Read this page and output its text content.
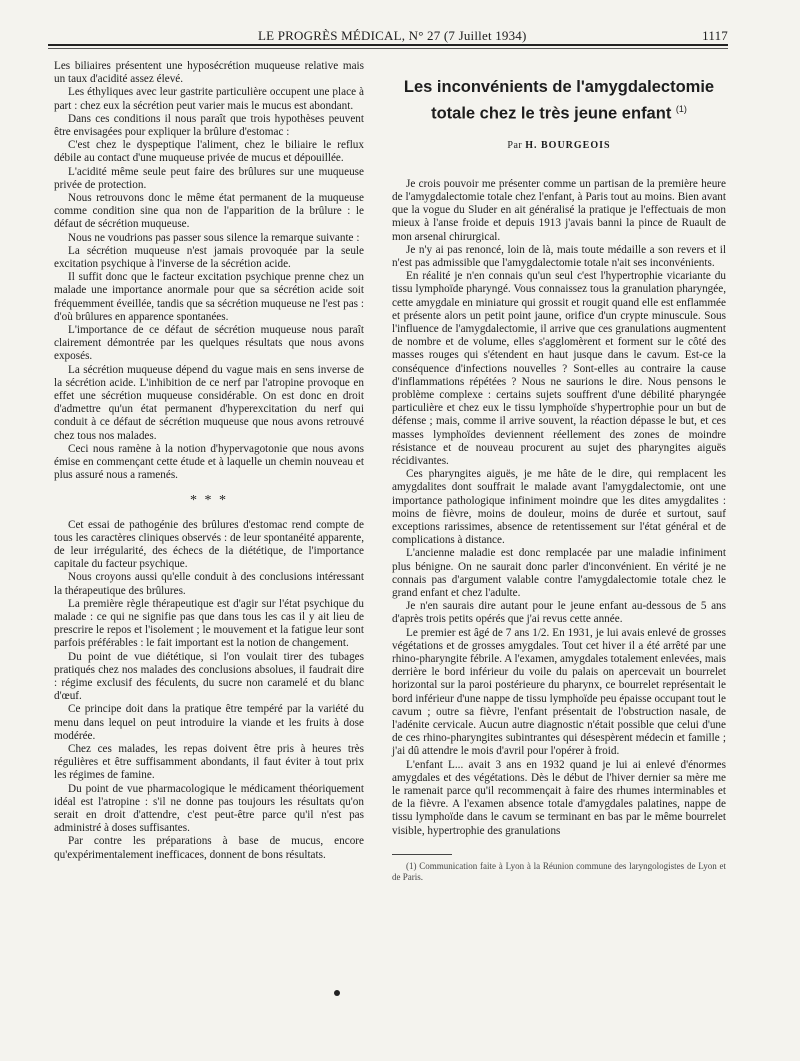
LE PROGRÈS MÉDICAL, N° 27 (7 Juillet 1934)	1117

Les biliaires présentent une hyposécrétion muqueuse relative mais un taux d'acidité assez élevé.

Les éthyliques avec leur gastrite particulière occupent une place à part : chez eux la sécrétion peut varier mais le mucus est abondant.

Dans ces conditions il nous paraît que trois hypothèses peuvent être envisagées pour expliquer la brûlure d'estomac :

C'est chez le dyspeptique l'aliment, chez le biliaire le reflux débile au contact d'une muqueuse privée de mucus et dépouillée.

L'acidité même seule peut faire des brûlures sur une muqueuse privée de protection.

Nous retrouvons donc le même état permanent de la muqueuse comme condition sine qua non de l'apparition de la brûlure : le défaut de sécrétion muqueuse.

Nous ne voudrions pas passer sous silence la remarque suivante :

La sécrétion muqueuse n'est jamais provoquée par la seule excitation psychique à l'inverse de la sécrétion acide.

Il suffit donc que le facteur excitation psychique prenne chez un malade une importance anormale pour que sa sécrétion acide soit fréquemment éveillée, tandis que sa sécrétion muqueuse ne l'est pas : d'où brûlures en apparence spontanées.

L'importance de ce défaut de sécrétion muqueuse nous paraît clairement démontrée par les quelques résultats que nous avons exposés.

La sécrétion muqueuse dépend du vague mais en sens inverse de la sécrétion acide. L'inhibition de ce nerf par l'atropine provoque en effet une sécrétion muqueuse considérable. On est donc en droit d'admettre qu'un état permanent d'hyperexcitation du nerf qui conduit à ce défaut de sécrétion muqueuse que nous avons retrouvé chez tous nos malades.

Ceci nous ramène à la notion d'hypervagotonie que nous avons émise en commençant cette étude et à laquelle un chemin nouveau et plus assuré nous a ramenés.

* * *

Cet essai de pathogénie des brûlures d'estomac rend compte de tous les caractères cliniques observés : de leur spontanéité apparente, de leur irrégularité, des échecs de la diététique, de l'importance capitale du facteur psychique.

Nous croyons aussi qu'elle conduit à des conclusions intéressant la thérapeutique des brûlures.

La première règle thérapeutique est d'agir sur l'état psychique du malade : ce qui ne signifie pas que dans tous les cas il y ait lieu de prescrire le repos et l'isolement ; le mouvement et la fatigue leur sont parfois préférables : le fait important est la notion de changement.

Du point de vue diététique, si l'on voulait tirer des tubages pratiqués chez nos malades des conclusions absolues, il faudrait dire : régime exclusif des féculents, du sucre non caramelé et du blanc d'œuf.

Ce principe doit dans la pratique être tempéré par la variété du menu dans lequel on peut introduire la viande et les fruits à dose modérée.

Chez ces malades, les repas doivent être pris à heures très régulières et être suffisamment abondants, il faut éviter à tout prix les régimes de famine.

Du point de vue pharmacologique le médicament théoriquement idéal est l'atropine : s'il ne donne pas toujours les résultats qu'on serait en droit d'attendre, c'est peut-être parce qu'il n'est pas administré à doses suffisantes.

Par contre les préparations à base de mucus, encore qu'expérimentalement inefficaces, donnent de bons résultats.

Les inconvénients de l'amygdalectomie totale chez le très jeune enfant $^{(1)}$
Par H. BOURGEOIS

Je crois pouvoir me présenter comme un partisan de la première heure de l'amygdalectomie totale chez l'enfant, à Paris tout au moins. Bien avant que la vogue du Sluder en ait généralisé la pratique je l'effectuais de mon mieux à l'anse froide et depuis 1913 j'avais banni la pince de Ruault de mon arsenal chirurgical.

Je n'y ai pas renoncé, loin de là, mais toute médaille a son revers et il n'est pas admissible que l'amygdalectomie totale n'ait ses inconvénients.

En réalité je n'en connais qu'un seul c'est l'hypertrophie vicariante du tissu lymphoïde pharyngé. Vous connaissez tous la granulation pharyngée, cette amygdale en miniature qui grossit et rougit quand elle est enflammée et présente alors un petit point jaune, orifice d'un crypte minuscule. Sous l'influence de l'amygdalectomie, il arrive que ces granulations augmentent de nombre et de volume, elles s'agglomèrent et forment sur le côté des masses rouges qui s'étendent en haut jusque dans le cavum. Est-ce la conséquence d'infections nouvelles ? Sont-elles au contraire la cause d'inflammations répétées ? Nous ne saurions le dire. Nous pensons le problème complexe : certains sujets souffrent d'une débilité pharyngée particulière et chez eux le tissu lymphoïde s'hypertrophie pour un but de défense ; mais, comme il arrive souvent, la réaction dépasse le but, et ces masses lymphoïdes deviennent réellement des zones de moindre résistance et de nouveau procurent au sujet des pharyngites aiguës récidivantes.

Ces pharyngites aiguës, je me hâte de le dire, qui remplacent les amygdalites dont souffrait le malade avant l'amygdalectomie, ont une importance pathologique infiniment moindre que les dites amygdalites : moins de fièvre, moins de douleur, moins de durée et surtout, sauf exceptions rarissimes, absence de retentissement sur l'état général et de complications à distance.

L'ancienne maladie est donc remplacée par une maladie infiniment plus bénigne. On ne saurait donc parler d'inconvénient. En vérité je ne connais pas d'argument valable contre l'amygdalectomie totale chez le grand enfant et chez l'adulte.

Je n'en saurais dire autant pour le jeune enfant au-dessous de 5 ans d'après trois petits opérés que j'ai revus cette année.

Le premier est âgé de 7 ans 1/2. En 1931, je lui avais enlevé de grosses végétations et de grosses amygdales. Tout cet hiver il a été arrêté par une rhino-pharyngite fébrile. A l'examen, amygdales totalement enlevées, mais derrière le bord inférieur du voile du palais on apercevait un bourrelet horizontal sur la paroi postérieure du pharynx, ce bourrelet représentait le bord inférieur d'une nappe de tissu lymphoïde peu épaisse occupant tout le cavum ; outre sa fièvre, l'enfant présentait de l'obstruction nasale, de l'adénite cervicale. Aucun autre diagnostic n'était possible que celui d'une de ces rhino-pharyngites subintrantes qui désespèrent médecin et famille ; j'ai dû attendre le mois d'avril pour l'opérer à froid.

L'enfant L... avait 3 ans en 1932 quand je lui ai enlevé d'énormes amygdales et des végétations. Dès le début de l'hiver dernier sa mère me le ramenait parce qu'il recommençait à faire des rhumes interminables et de la fièvre. A l'examen absence totale d'amygdales palatines, nappe de tissu lymphoïde dans le cavum se terminant en bas par le même bourrelet visible, hypertrophie des granulations

(1) Communication faite à Lyon à la Réunion commune des laryngologistes de Lyon et de Paris.
